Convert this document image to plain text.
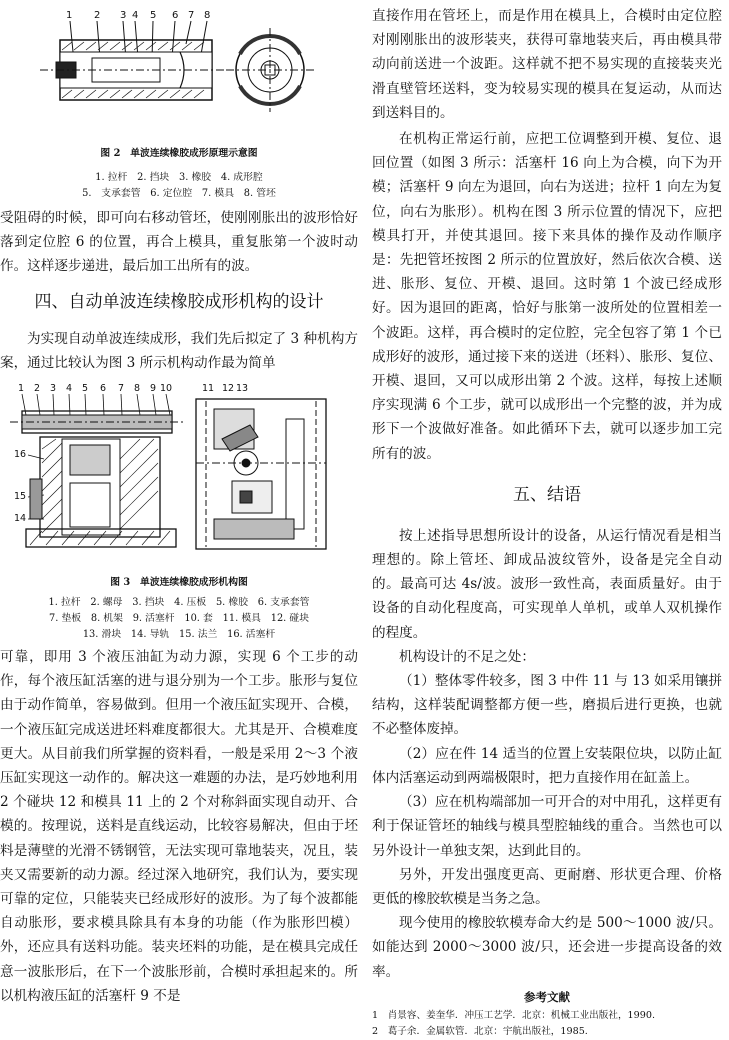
1 2 3 4 5 6 7 8
图 2　单波连续橡胶成形原理示意图
1. 拉杆　2. 挡块　3. 橡胶　4. 成形腔
5.　支承套管　6. 定位腔　7. 模具　8. 管坯

受阻碍的时候，即可向右移动管坯，使刚刚胀出的波形恰好落到定位腔 6 的位置，再合上模具，重复胀第一个波时动作。这样逐步递进，最后加工出所有的波。

四、自动单波连续橡胶成形机构的设计

为实现自动单波连续成形，我们先后拟定了 3 种机构方案，通过比较认为图 3 所示机构动作最为简单

1 2 3 4 5 6 7 8 9 10	11 12 13
16
15
14
图 3　单波连续橡胶成形机构图
1. 拉杆　2. 螺母　3. 挡块　4. 压板　5. 橡胶　6. 支承套管
7. 垫板　8. 机架　9. 活塞杆　10. 套　11. 模具　12. 碰块
13. 滑块　14. 导轨　15. 法兰　16. 活塞杆

可靠，即用 3 个液压油缸为动力源，实现 6 个工步的动作，每个液压缸活塞的进与退分别为一个工步。胀形与复位由于动作简单，容易做到。但用一个液压缸实现开、合模，一个液压缸完成送进坯料难度都很大。尤其是开、合模难度更大。从目前我们所掌握的资料看，一般是采用 2～3 个液压缸实现这一动作的。解决这一难题的办法，是巧妙地利用 2 个碰块 12 和模具 11 上的 2 个对称斜面实现自动开、合模的。按理说，送料是直线运动，比较容易解决，但由于坯料是薄壁的光滑不锈钢管，无法实现可靠地装夹，况且，装夹又需要新的动力源。经过深入地研究，我们认为，要实现可靠的定位，只能装夹已经成形好的波形。为了每个波都能自动胀形，要求模具除具有本身的功能（作为胀形凹模）外，还应具有送料功能。装夹坯料的功能，是在模具完成任意一波胀形后，在下一个波胀形前，合模时承担起来的。所以机构液压缸的活塞杆 9 不是

直接作用在管坯上，而是作用在模具上，合模时由定位腔对刚刚胀出的波形装夹，获得可靠地装夹后，再由模具带动向前送进一个波距。这样就不把不易实现的直接装夹光滑直壁管坯送料，变为较易实现的模具在复运动，从而达到送料目的。

在机构正常运行前，应把工位调整到开模、复位、退回位置（如图 3 所示：活塞杆 16 向上为合模，向下为开模；活塞杆 9 向左为退回，向右为送进；拉杆 1 向左为复位，向右为胀形）。机构在图 3 所示位置的情况下，应把模具打开，并使其退回。接下来具体的操作及动作顺序是：先把管坯按图 2 所示的位置放好，然后依次合模、送进、胀形、复位、开模、退回。这时第 1 个波已经成形好。因为退回的距离，恰好与胀第一波所处的位置相差一个波距。这样，再合模时的定位腔，完全包容了第 1 个已成形好的波形，通过接下来的送进（坯料）、胀形、复位、开模、退回，又可以成形出第 2 个波。这样，每按上述顺序实现满 6 个工步，就可以成形出一个完整的波，并为成形下一个波做好准备。如此循环下去，就可以逐步加工完所有的波。

五、结语

按上述指导思想所设计的设备，从运行情况看是相当理想的。除上管坯、卸成品波纹管外，设备是完全自动的。最高可达 4s/波。波形一致性高，表面质量好。由于设备的自动化程度高，可实现单人单机，或单人双机操作的程度。

机构设计的不足之处：

（1）整体零件较多，图 3 中件 11 与 13 如采用镶拼结构，这样装配调整都方便一些，磨损后进行更换，也就不必整体废掉。

（2）应在件 14 适当的位置上安装限位块，以防止缸体内活塞运动到两端极限时，把力直接作用在缸盖上。

（3）应在机构端部加一可开合的对中用孔，这样更有利于保证管坯的轴线与模具型腔轴线的重合。当然也可以另外设计一单独支架，达到此目的。

另外，开发出强度更高、更耐磨、形状更合理、价格更低的橡胶软模是当务之急。

现今使用的橡胶软模寿命大约是 500～1000 波/只。如能达到 2000～3000 波/只，还会进一步提高设备的效率。

参考文献
1　肖景容、姜奎华．冲压工艺学．北京：机械工业出版社，1990.
2　葛子余．金属软管．北京：宇航出版社，1985.
